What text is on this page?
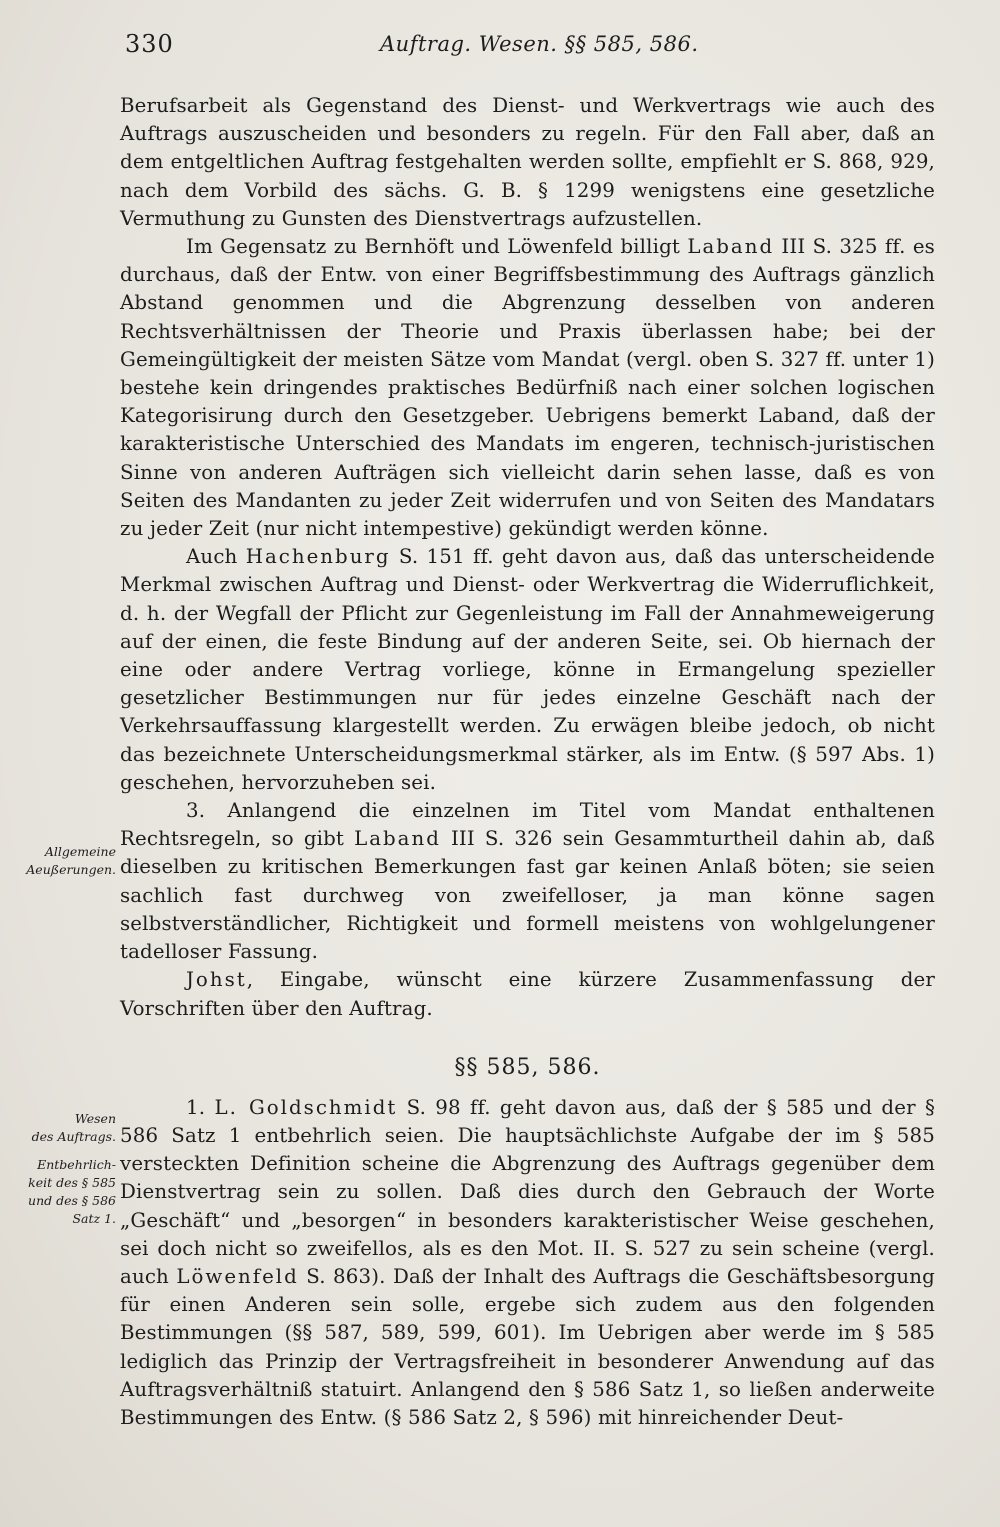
330	Auftrag. Wesen. §§ 585, 586.
Allgemeine
Aeußerungen.
Wesen
des Auftrags.
Entbehrlich-
keit des § 585
und des § 586
Satz 1.

Berufsarbeit als Gegenstand des Dienst- und Werkvertrags wie auch des Auftrags auszuscheiden und besonders zu regeln. Für den Fall aber, daß an dem entgeltlichen Auftrag festgehalten werden sollte, empfiehlt er S. 868, 929, nach dem Vorbild des sächs. G. B. § 1299 wenigstens eine gesetzliche Vermuthung zu Gunsten des Dienstvertrags aufzustellen.

Im Gegensatz zu Bernhöft und Löwenfeld billigt Laband III S. 325 ff. es durchaus, daß der Entw. von einer Begriffsbestimmung des Auftrags gänzlich Abstand genommen und die Abgrenzung desselben von anderen Rechtsverhältnissen der Theorie und Praxis überlassen habe; bei der Gemeingültigkeit der meisten Sätze vom Mandat (vergl. oben S. 327 ff. unter 1) bestehe kein dringendes praktisches Bedürfniß nach einer solchen logischen Kategorisirung durch den Gesetzgeber. Uebrigens bemerkt Laband, daß der karakteristische Unterschied des Mandats im engeren, technisch-juristischen Sinne von anderen Aufträgen sich vielleicht darin sehen lasse, daß es von Seiten des Mandanten zu jeder Zeit widerrufen und von Seiten des Mandatars zu jeder Zeit (nur nicht intempestive) gekündigt werden könne.

Auch Hachenburg S. 151 ff. geht davon aus, daß das unterscheidende Merkmal zwischen Auftrag und Dienst- oder Werkvertrag die Widerruflichkeit, d. h. der Wegfall der Pflicht zur Gegenleistung im Fall der Annahmeweigerung auf der einen, die feste Bindung auf der anderen Seite, sei. Ob hiernach der eine oder andere Vertrag vorliege, könne in Ermangelung spezieller gesetzlicher Bestimmungen nur für jedes einzelne Geschäft nach der Verkehrsauffassung klargestellt werden. Zu erwägen bleibe jedoch, ob nicht das bezeichnete Unterscheidungsmerkmal stärker, als im Entw. (§ 597 Abs. 1) geschehen, hervorzuheben sei.

3. Anlangend die einzelnen im Titel vom Mandat enthaltenen Rechtsregeln, so gibt Laband III S. 326 sein Gesammturtheil dahin ab, daß dieselben zu kritischen Bemerkungen fast gar keinen Anlaß böten; sie seien sachlich fast durchweg von zweifelloser, ja man könne sagen selbstverständlicher, Richtigkeit und formell meistens von wohlgelungener tadelloser Fassung.

Johst, Eingabe, wünscht eine kürzere Zusammenfassung der Vorschriften über den Auftrag.

§§ 585, 586.

1. L. Goldschmidt S. 98 ff. geht davon aus, daß der § 585 und der § 586 Satz 1 entbehrlich seien. Die hauptsächlichste Aufgabe der im § 585 versteckten Definition scheine die Abgrenzung des Auftrags gegenüber dem Dienstvertrag sein zu sollen. Daß dies durch den Gebrauch der Worte „Geschäft“ und „besorgen“ in besonders karakteristischer Weise geschehen, sei doch nicht so zweifellos, als es den Mot. II. S. 527 zu sein scheine (vergl. auch Löwenfeld S. 863). Daß der Inhalt des Auftrags die Geschäftsbesorgung für einen Anderen sein solle, ergebe sich zudem aus den folgenden Bestimmungen (§§ 587, 589, 599, 601). Im Uebrigen aber werde im § 585 lediglich das Prinzip der Vertragsfreiheit in besonderer Anwendung auf das Auftragsverhältniß statuirt. Anlangend den § 586 Satz 1, so ließen anderweite Bestimmungen des Entw. (§ 586 Satz 2, § 596) mit hinreichender Deut-
